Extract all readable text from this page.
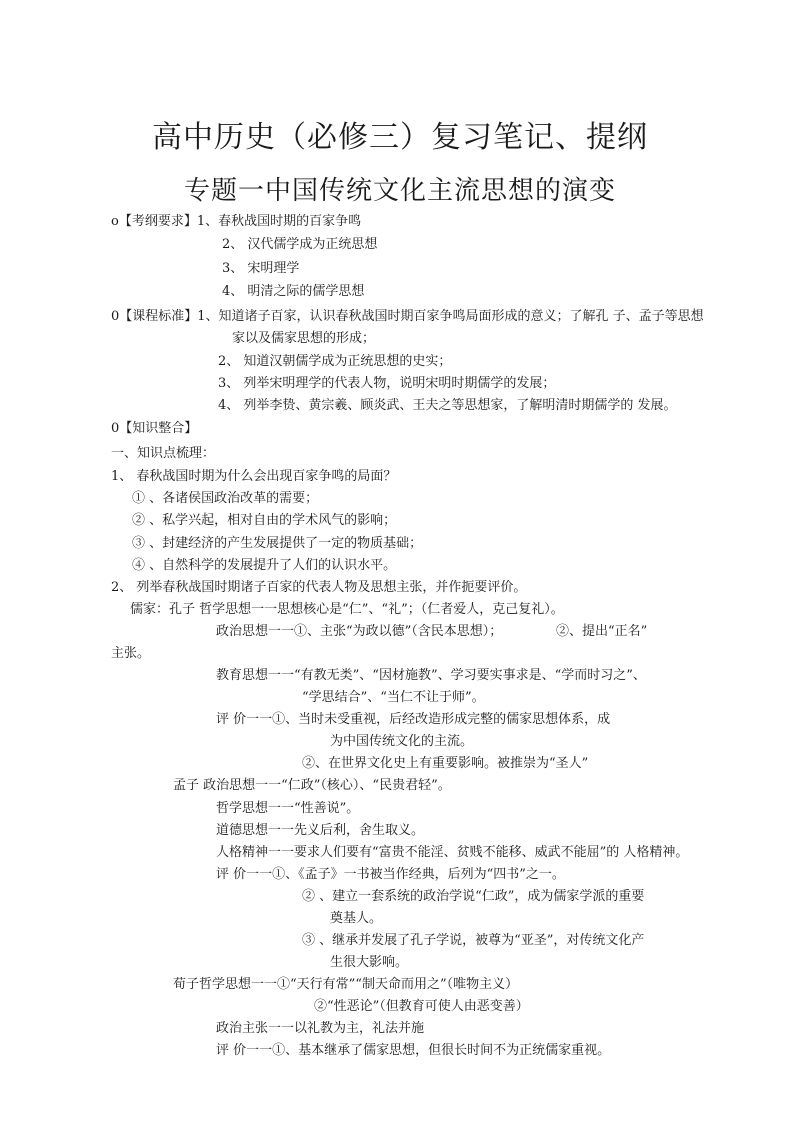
高中历史（必修三）复习笔记、提纲
专题一中国传统文化主流思想的演变
o【考纲要求】1、春秋战国时期的百家争鸣
2、 汉代儒学成为正统思想
3、 宋明理学
4、 明清之际的儒学思想
0【课程标准】1、知道诸子百家，认识春秋战国时期百家争鸣局面形成的意义；了解孔 子、孟子等思想
家以及儒家思想的形成；
2、 知道汉朝儒学成为正统思想的史实；
3、 列举宋明理学的代表人物，说明宋明时期儒学的发展；
4、 列举李贽、黄宗羲、顾炎武、王夫之等思想家，了解明清时期儒学的 发展。
0【知识整合】
一、知识点梳理：
1、 春秋战国时期为什么会出现百家争鸣的局面？
① 、各诸侯国政治改革的需要；
② 、私学兴起，相对自由的学术风气的影响；
③ 、封建经济的产生发展提供了一定的物质基础；
④ 、自然科学的发展提升了人们的认识水平。
2、 列举春秋战国时期诸子百家的代表人物及思想主张，并作扼要评价。
儒家：孔子 哲学思想一一思想核心是“仁”、“礼”；（仁者爱人，克己复礼）。
政治思想一一①、主张“为政以德”（含民本思想）；	②、提出“正名”
主张。
教育思想一一“有教无类”、“因材施教”、学习要实事求是、“学而时习之”、
“学思结合”、“当仁不让于师”。
评 价一一①、当时未受重视，后经改造形成完整的儒家思想体系，成
为中国传统文化的主流。
②、在世界文化史上有重要影响。被推崇为“圣人”
孟子 政治思想一一“仁政”（核心）、“民贵君轻”。
哲学思想一一“性善说”。
道德思想一一先义后利，舍生取义。
人格精神一一要求人们要有“富贵不能淫、贫贱不能移、威武不能屈”的 人格精神。
评 价一一①、《孟子》一书被当作经典，后列为“四书”之一。
② 、建立一套系统的政治学说“仁政”，成为儒家学派的重要
奠基人。
③ 、继承并发展了孔子学说，被尊为“亚圣”，对传统文化产
生很大影响。
荀子哲学思想一一①“天行有常”“制天命而用之”（唯物主义）
②“性恶论”（但教育可使人由恶变善）
政治主张一一以礼教为主，礼法并施
评 价一一①、基本继承了儒家思想，但很长时间不为正统儒家重视。
